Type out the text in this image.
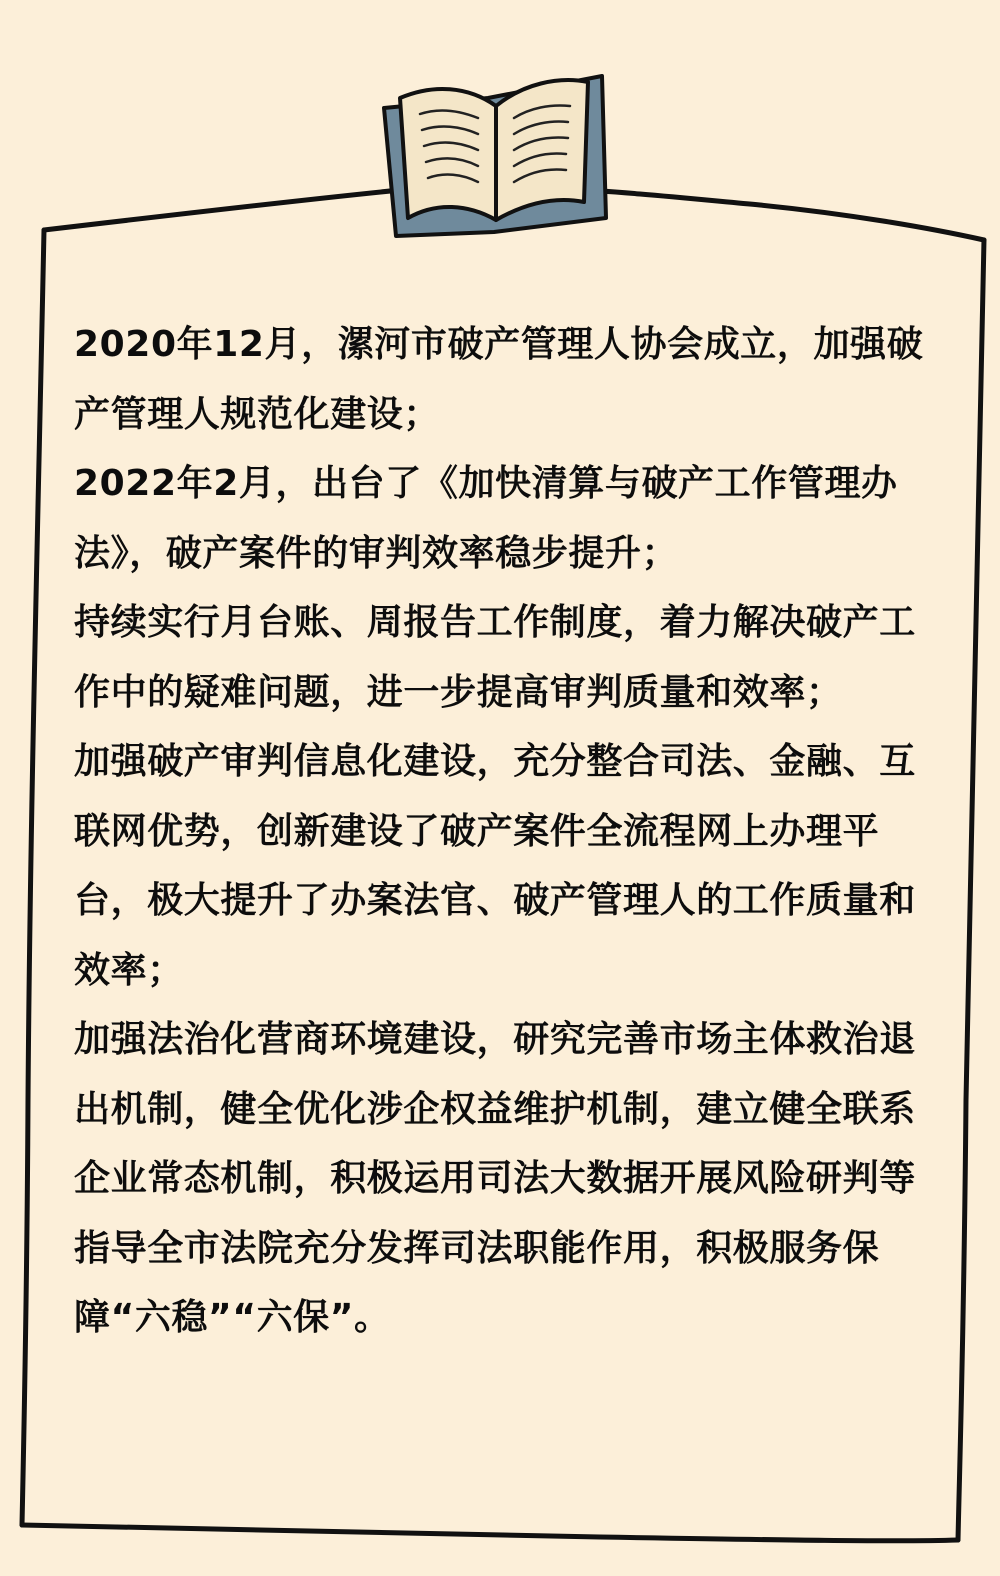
2020年12月，漯河市破产管理人协会成立，加强破产管理人规范化建设；

2022年2月，出台了《加快清算与破产工作管理办法》，破产案件的审判效率稳步提升；

持续实行月台账、周报告工作制度，着力解决破产工作中的疑难问题，进一步提高审判质量和效率；

加强破产审判信息化建设，充分整合司法、金融、互联网优势，创新建设了破产案件全流程网上办理平台，极大提升了办案法官、破产管理人的工作质量和效率；

加强法治化营商环境建设，研究完善市场主体救治退出机制，健全优化涉企权益维护机制，建立健全联系企业常态机制，积极运用司法大数据开展风险研判等指导全市法院充分发挥司法职能作用，积极服务保障“六稳”“六保”。
